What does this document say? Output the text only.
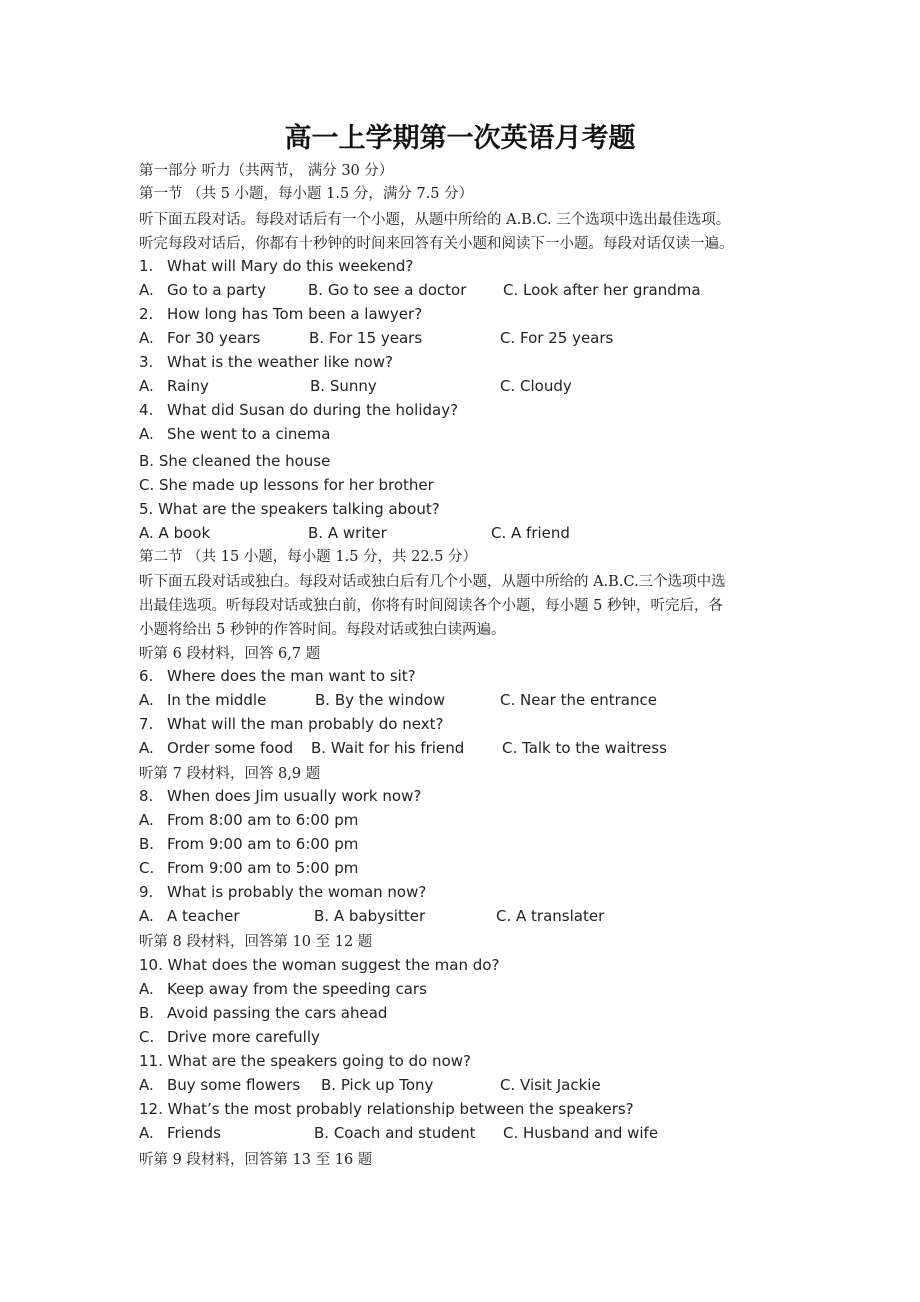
高一上学期第一次英语月考题
第一部分 听力（共两节， 满分 30 分）
第一节 （共 5 小题，每小题 1.5 分，满分 7.5 分）
听下面五段对话。每段对话后有一个小题，从题中所给的 A.B.C. 三个选项中选出最佳选项。
听完每段对话后，你都有十秒钟的时间来回答有关小题和阅读下一小题。每段对话仅读一遍。
1. What will Mary do this weekend?
A. Go to a party	B. Go to see a doctor C. Look after her grandma
2. How long has Tom been a lawyer?
A. For 30 years	B. For 15 years	C. For 25 years
3. What is the weather like now?
A. Rainy	B. Sunny	C. Cloudy
4. What did Susan do during the holiday?
A. She went to a cinema
B. She cleaned the house
C. She made up lessons for her brother
5. What are the speakers talking about?
A. A book	B. A writer	C. A friend
第二节 （共 15 小题，每小题 1.5 分，共 22.5 分）
听下面五段对话或独白。每段对话或独白后有几个小题，从题中所给的 A.B.C.三个选项中选
出最佳选项。听每段对话或独白前，你将有时间阅读各个小题，每小题 5 秒钟，听完后，各
小题将给出 5 秒钟的作答时间。每段对话或独白读两遍。
听第 6 段材料，回答 6,7 题
6. Where does the man want to sit?
A. In the middle	B. By the window	C. Near the entrance
7. What will the man probably do next?
A. Order some food B. Wait for his friend	C. Talk to the waitress
听第 7 段材料，回答 8,9 题
8. When does Jim usually work now?
A. From 8:00 am to 6:00 pm
B. From 9:00 am to 6:00 pm
C. From 9:00 am to 5:00 pm
9. What is probably the woman now?
A. A teacher	B. A babysitter	C. A translater
听第 8 段材料，回答第 10 至 12 题
10. What does the woman suggest the man do?
A. Keep away from the speeding cars
B. Avoid passing the cars ahead
C. Drive more carefully
11. What are the speakers going to do now?
A. Buy some flowers B. Pick up Tony	C. Visit Jackie
12. What’s the most probably relationship between the speakers?
A. Friends	B. Coach and student C. Husband and wife
听第 9 段材料，回答第 13 至 16 题
